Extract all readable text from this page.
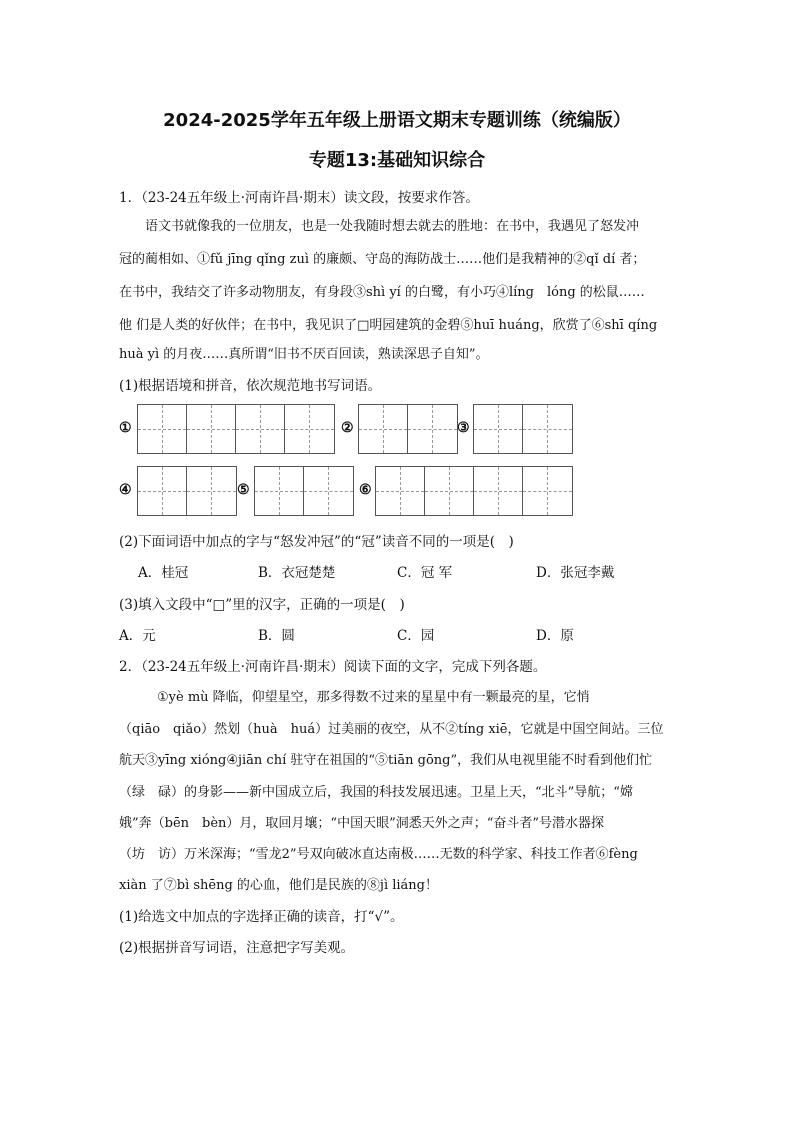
2024-2025学年五年级上册语文期末专题训练（统编版）
专题13:基础知识综合
1．（23-24五年级上·河南许昌·期末）读文段，按要求作答。
语文书就像我的一位朋友，也是一处我随时想去就去的胜地：在书中，我遇见了怒发冲
冠的蔺相如、①fǔ jīng qǐng zuì 的廉颇、守岛的海防战士……他们是我精神的②qǐ dí 者；
在书中，我结交了许多动物朋友，有身段③shì yí 的白鹭，有小巧④líng　lóng 的松鼠……
他 们是人类的好伙伴；在书中，我见识了□明园建筑的金碧⑤huī huáng，欣赏了⑥shī qíng
huà yì 的月夜……真所谓“旧书不厌百回读，熟读深思子自知”。
(1)根据语境和拼音，依次规范地书写词语。
①	②	③
④	⑤	⑥
(2)下面词语中加点的字与“怒发冲冠”的“冠”读音不同的一项是(　)
A．桂冠	B．衣冠楚楚	C．冠 军	D．张冠李戴
(3)填入文段中“□”里的汉字，正确的一项是(　)
A．元	B．圆	C．园	D．原
2．（23-24五年级上·河南许昌·期末）阅读下面的文字，完成下列各题。
①yè mù 降临，仰望星空，那多得数不过来的星星中有一颗最亮的星，它悄
（qiāo　qiǎo）然划（huà　huá）过美丽的夜空，从不②tíng xiē，它就是中国空间站。三位
航天③yīng xióng④jiān chí 驻守在祖国的“⑤tiān gōng”，我们从电视里能不时看到他们忙
（绿　碌）的身影——新中国成立后，我国的科技发展迅速。卫星上天，“北斗”导航；“嫦
娥”奔（bēn　bèn）月，取回月壤；“中国天眼”洞悉天外之声；“奋斗者”号潜水器探
（坊　访）万米深海；“雪龙2”号双向破冰直达南极……无数的科学家、科技工作者⑥fèng
xiàn 了⑦bì shēng 的心血，他们是民族的⑧jì liáng！
(1)给选文中加点的字选择正确的读音，打“√”。
(2)根据拼音写词语，注意把字写美观。
